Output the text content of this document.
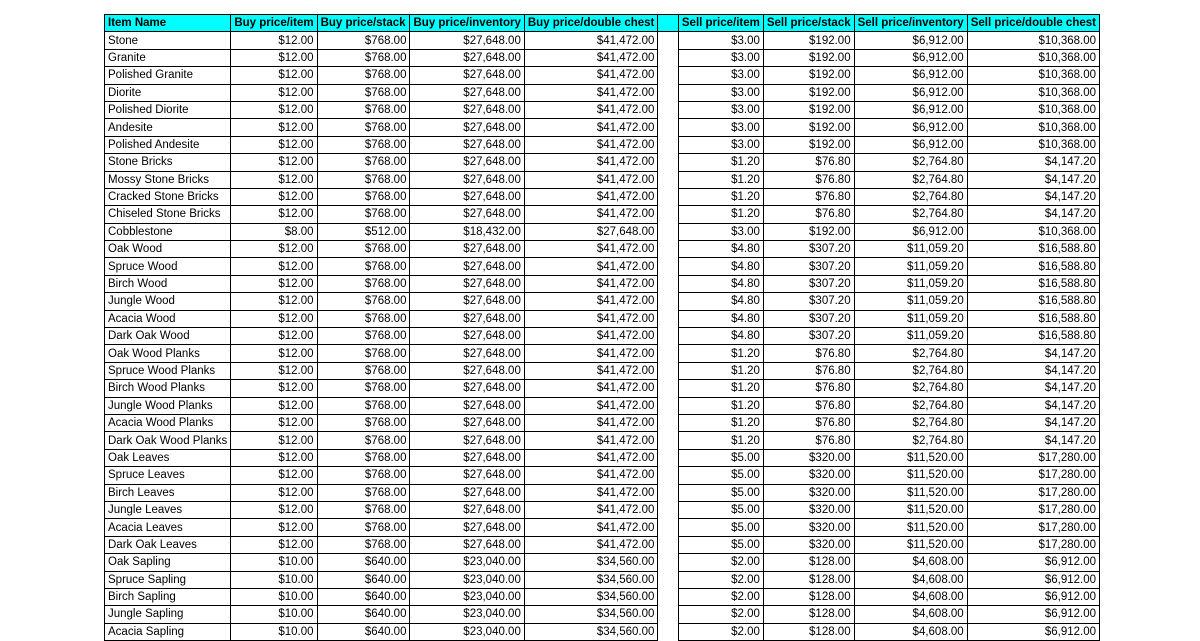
Item Name	Buy price/item	Buy price/stack	Buy price/inventory	Buy price/double chest		Sell price/item	Sell price/stack	Sell price/inventory	Sell price/double chest
Stone	$12.00	$768.00	$27,648.00	$41,472.00		$3.00	$192.00	$6,912.00	$10,368.00
Granite	$12.00	$768.00	$27,648.00	$41,472.00		$3.00	$192.00	$6,912.00	$10,368.00
Polished Granite	$12.00	$768.00	$27,648.00	$41,472.00		$3.00	$192.00	$6,912.00	$10,368.00
Diorite	$12.00	$768.00	$27,648.00	$41,472.00		$3.00	$192.00	$6,912.00	$10,368.00
Polished Diorite	$12.00	$768.00	$27,648.00	$41,472.00		$3.00	$192.00	$6,912.00	$10,368.00
Andesite	$12.00	$768.00	$27,648.00	$41,472.00		$3.00	$192.00	$6,912.00	$10,368.00
Polished Andesite	$12.00	$768.00	$27,648.00	$41,472.00		$3.00	$192.00	$6,912.00	$10,368.00
Stone Bricks	$12.00	$768.00	$27,648.00	$41,472.00		$1.20	$76.80	$2,764.80	$4,147.20
Mossy Stone Bricks	$12.00	$768.00	$27,648.00	$41,472.00		$1.20	$76.80	$2,764.80	$4,147.20
Cracked Stone Bricks	$12.00	$768.00	$27,648.00	$41,472.00		$1.20	$76.80	$2,764.80	$4,147.20
Chiseled Stone Bricks	$12.00	$768.00	$27,648.00	$41,472.00		$1.20	$76.80	$2,764.80	$4,147.20
Cobblestone	$8.00	$512.00	$18,432.00	$27,648.00		$3.00	$192.00	$6,912.00	$10,368.00
Oak Wood	$12.00	$768.00	$27,648.00	$41,472.00		$4.80	$307.20	$11,059.20	$16,588.80
Spruce Wood	$12.00	$768.00	$27,648.00	$41,472.00		$4.80	$307.20	$11,059.20	$16,588.80
Birch Wood	$12.00	$768.00	$27,648.00	$41,472.00		$4.80	$307.20	$11,059.20	$16,588.80
Jungle Wood	$12.00	$768.00	$27,648.00	$41,472.00		$4.80	$307.20	$11,059.20	$16,588.80
Acacia Wood	$12.00	$768.00	$27,648.00	$41,472.00		$4.80	$307.20	$11,059.20	$16,588.80
Dark Oak Wood	$12.00	$768.00	$27,648.00	$41,472.00		$4.80	$307.20	$11,059.20	$16,588.80
Oak Wood Planks	$12.00	$768.00	$27,648.00	$41,472.00		$1.20	$76.80	$2,764.80	$4,147.20
Spruce Wood Planks	$12.00	$768.00	$27,648.00	$41,472.00		$1.20	$76.80	$2,764.80	$4,147.20
Birch Wood Planks	$12.00	$768.00	$27,648.00	$41,472.00		$1.20	$76.80	$2,764.80	$4,147.20
Jungle Wood Planks	$12.00	$768.00	$27,648.00	$41,472.00		$1.20	$76.80	$2,764.80	$4,147.20
Acacia Wood Planks	$12.00	$768.00	$27,648.00	$41,472.00		$1.20	$76.80	$2,764.80	$4,147.20
Dark Oak Wood Planks	$12.00	$768.00	$27,648.00	$41,472.00		$1.20	$76.80	$2,764.80	$4,147.20
Oak Leaves	$12.00	$768.00	$27,648.00	$41,472.00		$5.00	$320.00	$11,520.00	$17,280.00
Spruce Leaves	$12.00	$768.00	$27,648.00	$41,472.00		$5.00	$320.00	$11,520.00	$17,280.00
Birch Leaves	$12.00	$768.00	$27,648.00	$41,472.00		$5.00	$320.00	$11,520.00	$17,280.00
Jungle Leaves	$12.00	$768.00	$27,648.00	$41,472.00		$5.00	$320.00	$11,520.00	$17,280.00
Acacia Leaves	$12.00	$768.00	$27,648.00	$41,472.00		$5.00	$320.00	$11,520.00	$17,280.00
Dark Oak Leaves	$12.00	$768.00	$27,648.00	$41,472.00		$5.00	$320.00	$11,520.00	$17,280.00
Oak Sapling	$10.00	$640.00	$23,040.00	$34,560.00		$2.00	$128.00	$4,608.00	$6,912.00
Spruce Sapling	$10.00	$640.00	$23,040.00	$34,560.00		$2.00	$128.00	$4,608.00	$6,912.00
Birch Sapling	$10.00	$640.00	$23,040.00	$34,560.00		$2.00	$128.00	$4,608.00	$6,912.00
Jungle Sapling	$10.00	$640.00	$23,040.00	$34,560.00		$2.00	$128.00	$4,608.00	$6,912.00
Acacia Sapling	$10.00	$640.00	$23,040.00	$34,560.00		$2.00	$128.00	$4,608.00	$6,912.00
